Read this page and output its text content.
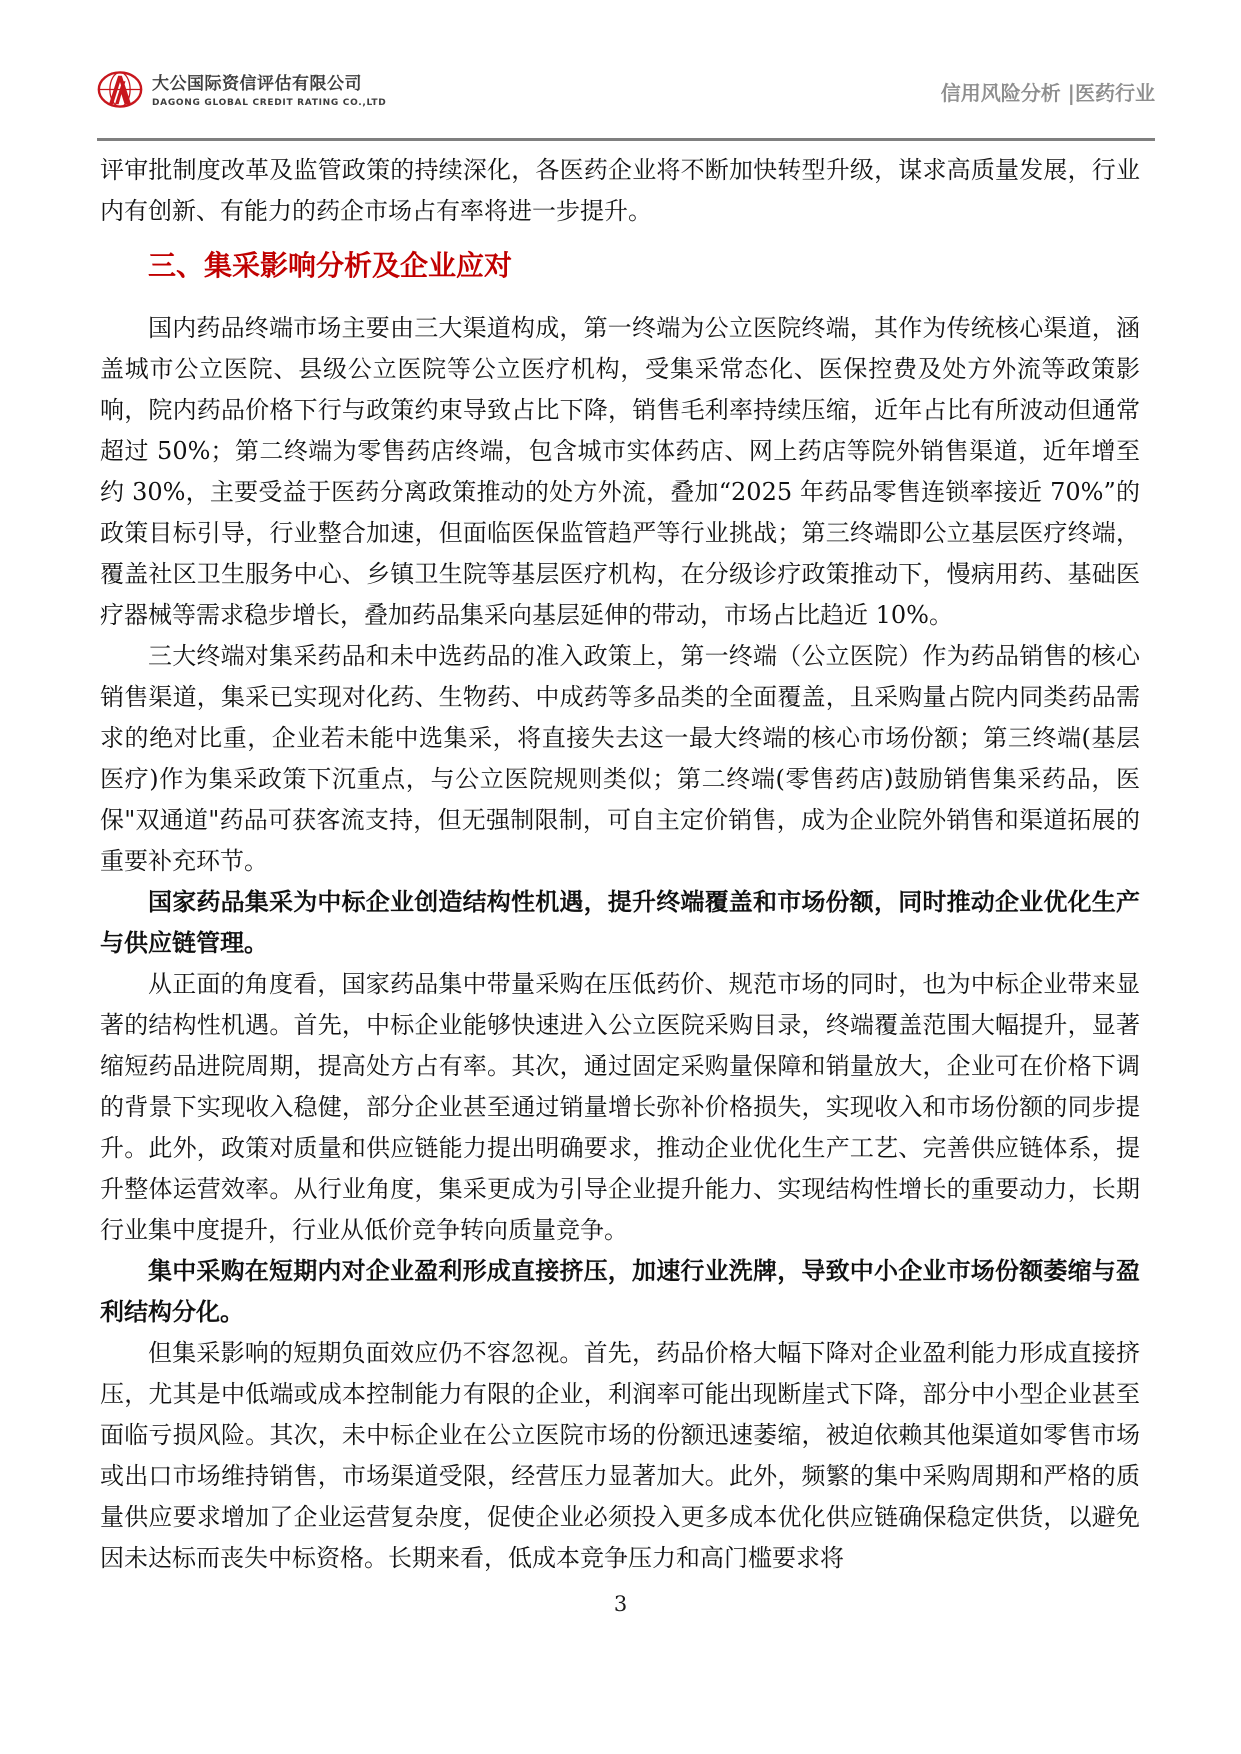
大公国际资信评估有限公司
DAGONG GLOBAL CREDIT RATING CO.,LTD	信用风险分析 |医药行业

评审批制度改革及监管政策的持续深化，各医药企业将不断加快转型升级，谋求高质量发展，行业内有创新、有能力的药企市场占有率将进一步提升。

三、集采影响分析及企业应对

国内药品终端市场主要由三大渠道构成，第一终端为公立医院终端，其作为传统核心渠道，涵盖城市公立医院、县级公立医院等公立医疗机构，受集采常态化、医保控费及处方外流等政策影响，院内药品价格下行与政策约束导致占比下降，销售毛利率持续压缩，近年占比有所波动但通常超过 50%；第二终端为零售药店终端，包含城市实体药店、网上药店等院外销售渠道，近年增至约 30%，主要受益于医药分离政策推动的处方外流，叠加“2025 年药品零售连锁率接近 70%”的政策目标引导，行业整合加速，但面临医保监管趋严等行业挑战；第三终端即公立基层医疗终端，覆盖社区卫生服务中心、乡镇卫生院等基层医疗机构，在分级诊疗政策推动下，慢病用药、基础医疗器械等需求稳步增长，叠加药品集采向基层延伸的带动，市场占比趋近 10%。

三大终端对集采药品和未中选药品的准入政策上，第一终端（公立医院）作为药品销售的核心销售渠道，集采已实现对化药、生物药、中成药等多品类的全面覆盖，且采购量占院内同类药品需求的绝对比重，企业若未能中选集采，将直接失去这一最大终端的核心市场份额；第三终端(基层医疗)作为集采政策下沉重点，与公立医院规则类似；第二终端(零售药店)鼓励销售集采药品，医保"双通道"药品可获客流支持，但无强制限制，可自主定价销售，成为企业院外销售和渠道拓展的重要补充环节。

国家药品集采为中标企业创造结构性机遇，提升终端覆盖和市场份额，同时推动企业优化生产与供应链管理。

从正面的角度看，国家药品集中带量采购在压低药价、规范市场的同时，也为中标企业带来显著的结构性机遇。首先，中标企业能够快速进入公立医院采购目录，终端覆盖范围大幅提升，显著缩短药品进院周期，提高处方占有率。其次，通过固定采购量保障和销量放大，企业可在价格下调的背景下实现收入稳健，部分企业甚至通过销量增长弥补价格损失，实现收入和市场份额的同步提升。此外，政策对质量和供应链能力提出明确要求，推动企业优化生产工艺、完善供应链体系，提升整体运营效率。从行业角度，集采更成为引导企业提升能力、实现结构性增长的重要动力，长期行业集中度提升，行业从低价竞争转向质量竞争。

集中采购在短期内对企业盈利形成直接挤压，加速行业洗牌，导致中小企业市场份额萎缩与盈利结构分化。

但集采影响的短期负面效应仍不容忽视。首先，药品价格大幅下降对企业盈利能力形成直接挤压，尤其是中低端或成本控制能力有限的企业，利润率可能出现断崖式下降，部分中小型企业甚至面临亏损风险。其次，未中标企业在公立医院市场的份额迅速萎缩，被迫依赖其他渠道如零售市场或出口市场维持销售，市场渠道受限，经营压力显著加大。此外，频繁的集中采购周期和严格的质量供应要求增加了企业运营复杂度，促使企业必须投入更多成本优化供应链确保稳定供货，以避免因未达标而丧失中标资格。长期来看，低成本竞争压力和高门槛要求将

3
